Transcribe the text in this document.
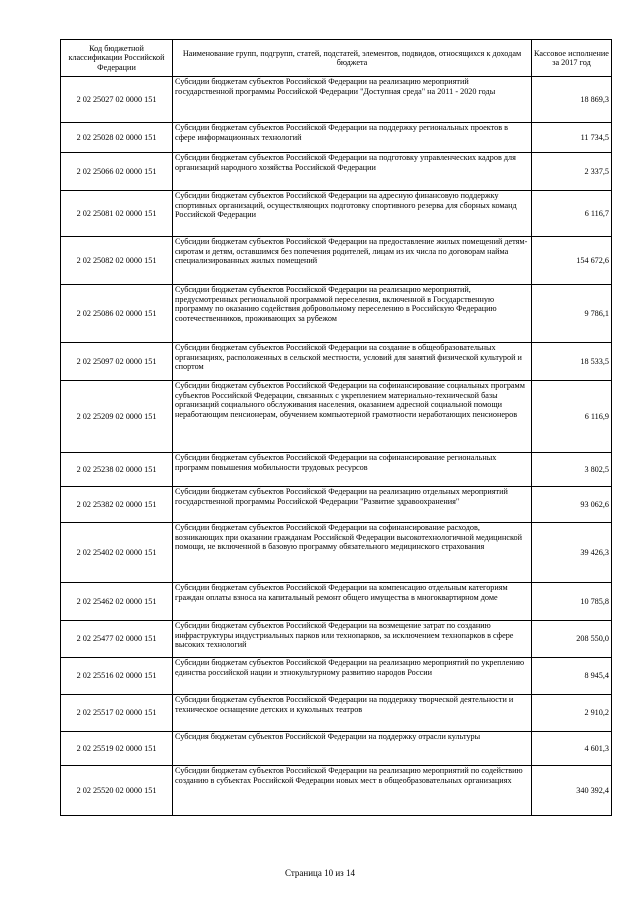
Код бюджетной классификации Российской Федерации	Наименование групп, подгрупп, статей, подстатей, элементов, подвидов, относящихся к доходам бюджета	Кассовое исполнение за 2017 год
2 02 25027 02 0000 151	Субсидии бюджетам субъектов Российской Федерации на реализацию мероприятий государственной программы Российской Федерации "Доступная среда" на 2011 - 2020 годы	18 869,3
2 02 25028 02 0000 151	Субсидии бюджетам субъектов Российской Федерации на поддержку региональных проектов в сфере информационных технологий	11 734,5
2 02 25066 02 0000 151	Субсидии бюджетам субъектов Российской Федерации на подготовку управленческих кадров для организаций народного хозяйства Российской Федерации	2 337,5
2 02 25081 02 0000 151	Субсидии бюджетам субъектов Российской Федерации на адресную финансовую поддержку спортивных организаций, осуществляющих подготовку спортивного резерва для сборных команд Российской Федерации	6 116,7
2 02 25082 02 0000 151	Субсидии бюджетам субъектов Российской Федерации на предоставление жилых помещений детям-сиротам и детям, оставшимся без попечения родителей, лицам из их числа по договорам найма специализированных жилых помещений	154 672,6
2 02 25086 02 0000 151	Субсидии бюджетам субъектов Российской Федерации на реализацию мероприятий, предусмотренных региональной программой переселения, включенной в Государственную программу по оказанию содействия добровольному переселению в Российскую Федерацию соотечественников, проживающих за рубежом	9 786,1
2 02 25097 02 0000 151	Субсидии бюджетам субъектов Российской Федерации на создание в общеобразовательных организациях, расположенных в сельской местности, условий для занятий физической культурой и спортом	18 533,5
2 02 25209 02 0000 151	Субсидии бюджетам субъектов Российской Федерации на софинансирование социальных программ субъектов Российской Федерации, связанных с укреплением материально-технической базы организаций социального обслуживания населения, оказанием адресной социальной помощи неработающим пенсионерам, обучением компьютерной грамотности неработающих пенсионеров	6 116,9
2 02 25238 02 0000 151	Субсидии бюджетам субъектов Российской Федерации на софинансирование региональных программ повышения мобильности трудовых ресурсов	3 802,5
2 02 25382 02 0000 151	Субсидии бюджетам субъектов Российской Федерации на реализацию отдельных мероприятий государственной программы Российской Федерации "Развитие здравоохранения"	93 062,6
2 02 25402 02 0000 151	Субсидии бюджетам субъектов Российской Федерации на софинансирование расходов, возникающих при оказании гражданам Российской Федерации высокотехнологичной медицинской помощи, не включенной в базовую программу обязательного медицинского страхования	39 426,3
2 02 25462 02 0000 151	Субсидии бюджетам субъектов Российской Федерации на компенсацию отдельным категориям граждан оплаты взноса на капитальный ремонт общего имущества в многоквартирном доме	10 785,8
2 02 25477 02 0000 151	Субсидии бюджетам субъектов Российской Федерации на возмещение затрат по созданию инфраструктуры индустриальных парков или технопарков, за исключением технопарков в сфере высоких технологий	208 550,0
2 02 25516 02 0000 151	Субсидии бюджетам субъектов Российской Федерации на реализацию мероприятий по укреплению единства российской нации и этнокультурному развитию народов России	8 945,4
2 02 25517 02 0000 151	Субсидии бюджетам субъектов Российской Федерации на поддержку творческой деятельности и техническое оснащение детских и кукольных театров	2 910,2
2 02 25519 02 0000 151	Субсидия бюджетам субъектов Российской Федерации на поддержку отрасли культуры	4 601,3
2 02 25520 02 0000 151	Субсидии бюджетам субъектов Российской Федерации на реализацию мероприятий по содействию созданию в субъектах Российской Федерации новых мест в общеобразовательных организациях	340 392,4
Страница 10 из 14
